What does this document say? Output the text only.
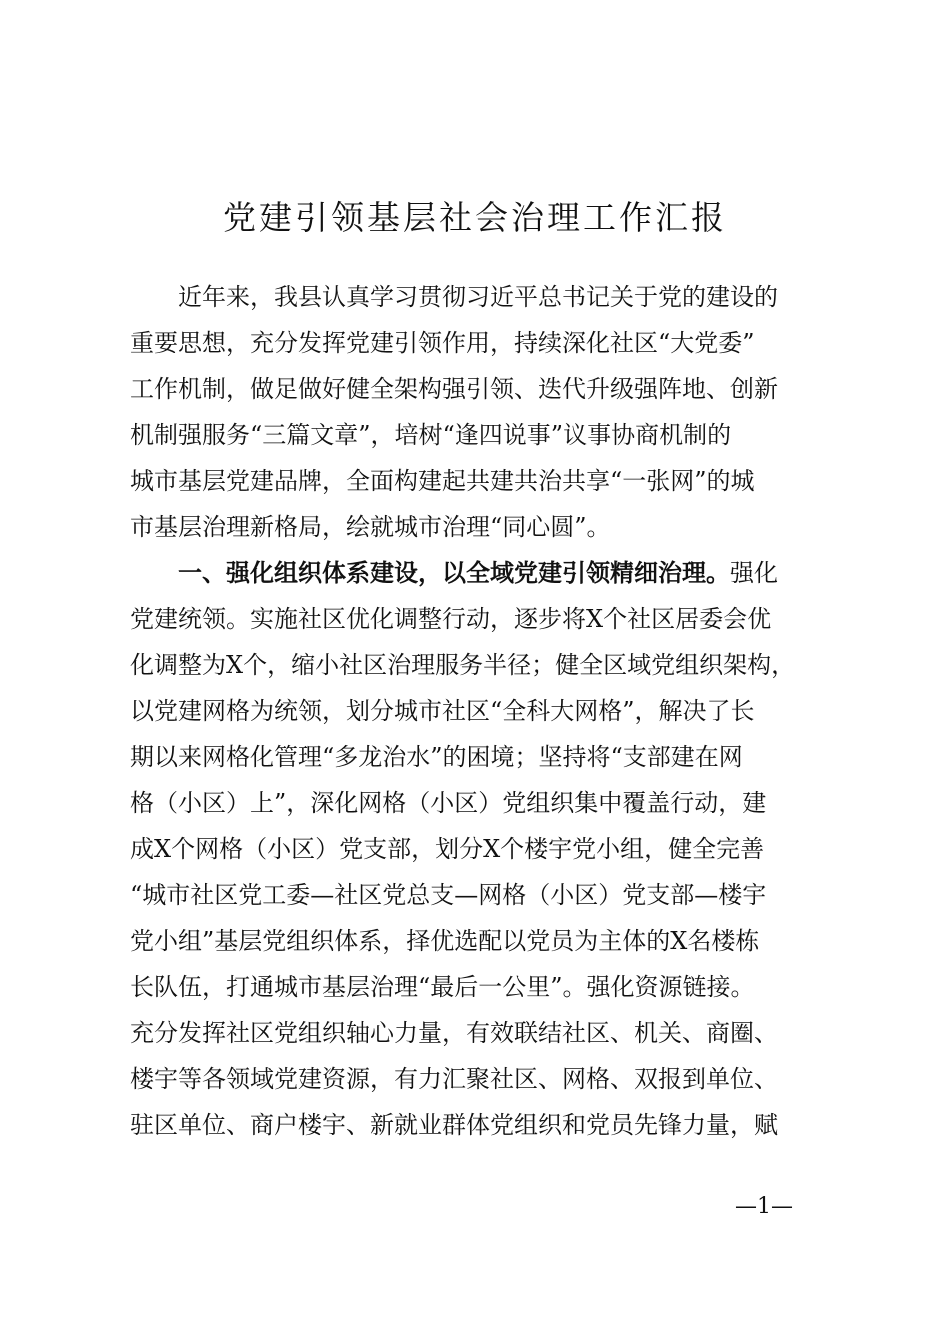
党建引领基层社会治理工作汇报
近年来，我县认真学习贯彻习近平总书记关于党的建设的
重要思想，充分发挥党建引领作用，持续深化社区“大党委”
工作机制，做足做好健全架构强引领、迭代升级强阵地、创新
机制强服务“三篇文章”，培树“逢四说事”议事协商机制的
城市基层党建品牌，全面构建起共建共治共享“一张网”的城
市基层治理新格局，绘就城市治理“同心圆”。
一、强化组织体系建设，以全域党建引领精细治理。强化
党建统领。实施社区优化调整行动，逐步将X个社区居委会优
化调整为X个，缩小社区治理服务半径；健全区域党组织架构，
以党建网格为统领，划分城市社区“全科大网格”，解决了长
期以来网格化管理“多龙治水”的困境；坚持将“支部建在网
格（小区）上”，深化网格（小区）党组织集中覆盖行动，建
成X个网格（小区）党支部，划分X个楼宇党小组，健全完善
“城市社区党工委—社区党总支—网格（小区）党支部—楼宇
党小组”基层党组织体系，择优选配以党员为主体的X名楼栋
长队伍，打通城市基层治理“最后一公里”。强化资源链接。
充分发挥社区党组织轴心力量，有效联结社区、机关、商圈、
楼宇等各领域党建资源，有力汇聚社区、网格、双报到单位、
驻区单位、商户楼宇、新就业群体党组织和党员先锋力量，赋
—1—
